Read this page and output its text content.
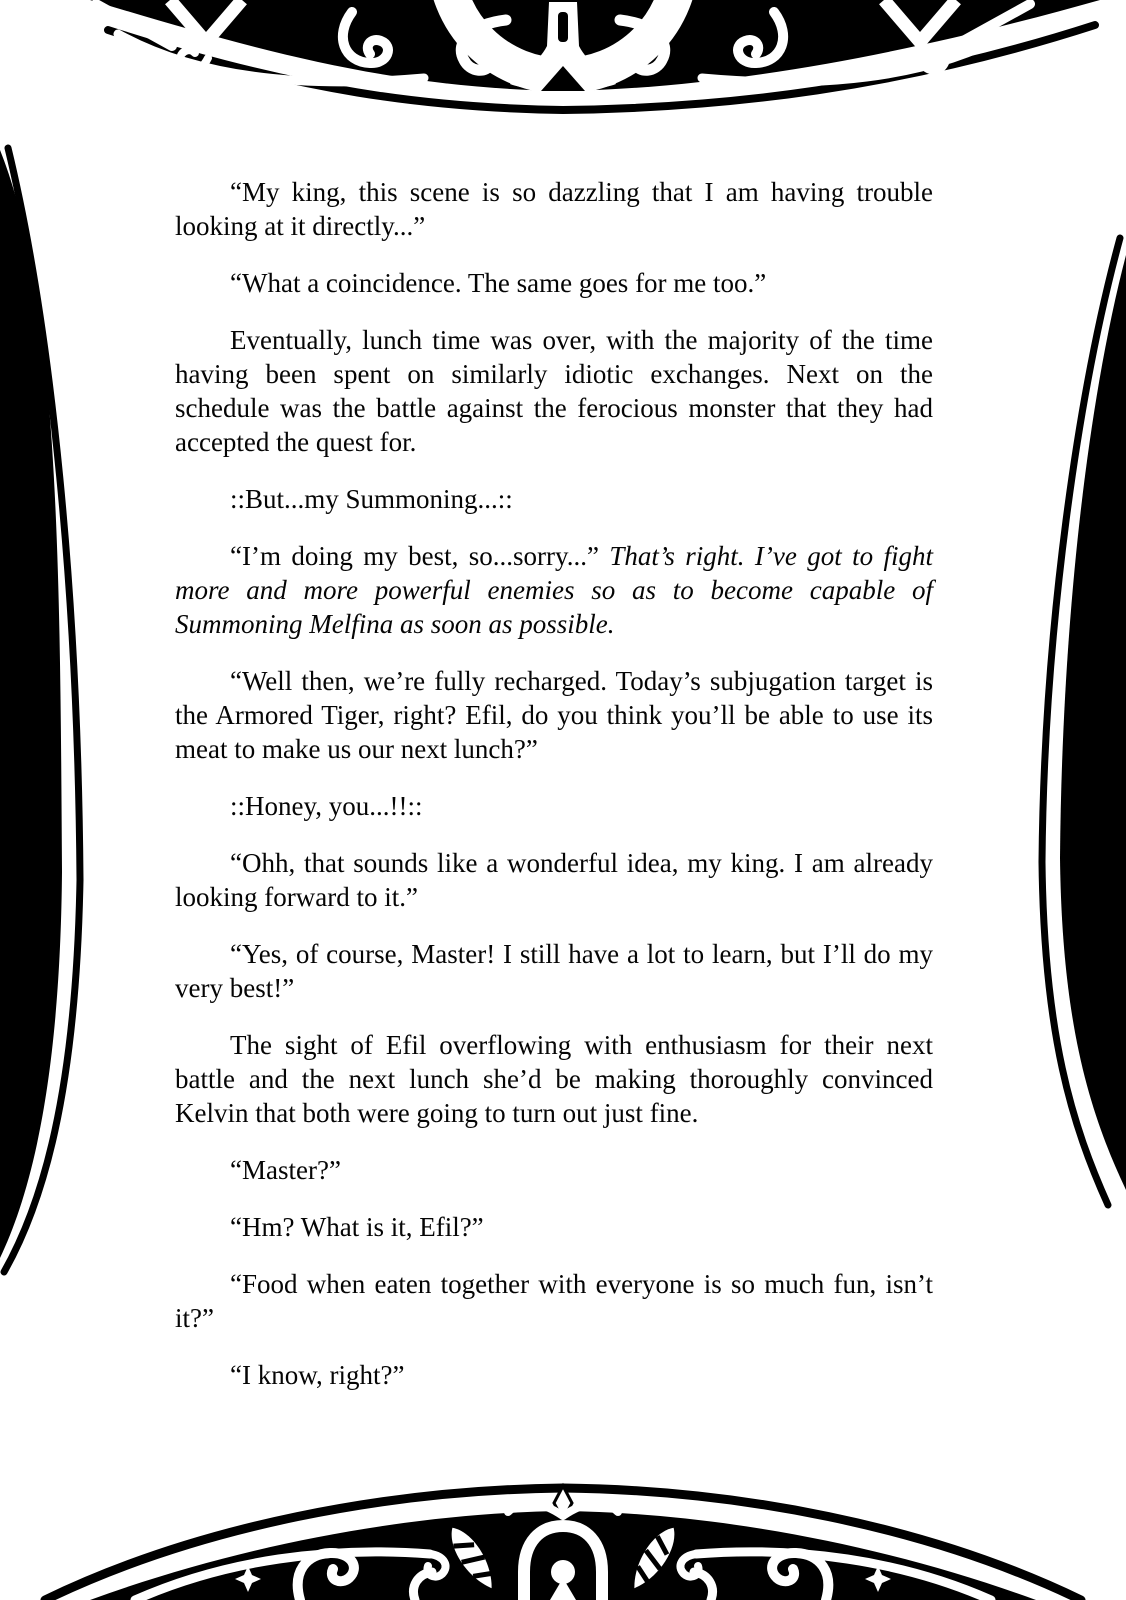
“My king, this scene is so dazzling that I am having trouble looking at it directly...”

“What a coincidence. The same goes for me too.”

Eventually, lunch time was over, with the majority of the time having been spent on similarly idiotic exchanges. Next on the schedule was the battle against the ferocious monster that they had accepted the quest for.

::But...my Summoning...::

“I’m doing my best, so...sorry...” That’s right. I’ve got to fight more and more powerful enemies so as to become capable of Summoning Melfina as soon as possible.

“Well then, we’re fully recharged. Today’s subjugation target is the Armored Tiger, right? Efil, do you think you’ll be able to use its meat to make us our next lunch?”

::Honey, you...!!::

“Ohh, that sounds like a wonderful idea, my king. I am already looking forward to it.”

“Yes, of course, Master! I still have a lot to learn, but I’ll do my very best!”

The sight of Efil overflowing with enthusiasm for their next battle and the next lunch she’d be making thoroughly convinced Kelvin that both were going to turn out just fine.

“Master?”

“Hm? What is it, Efil?”

“Food when eaten together with everyone is so much fun, isn’t it?”

“I know, right?”
